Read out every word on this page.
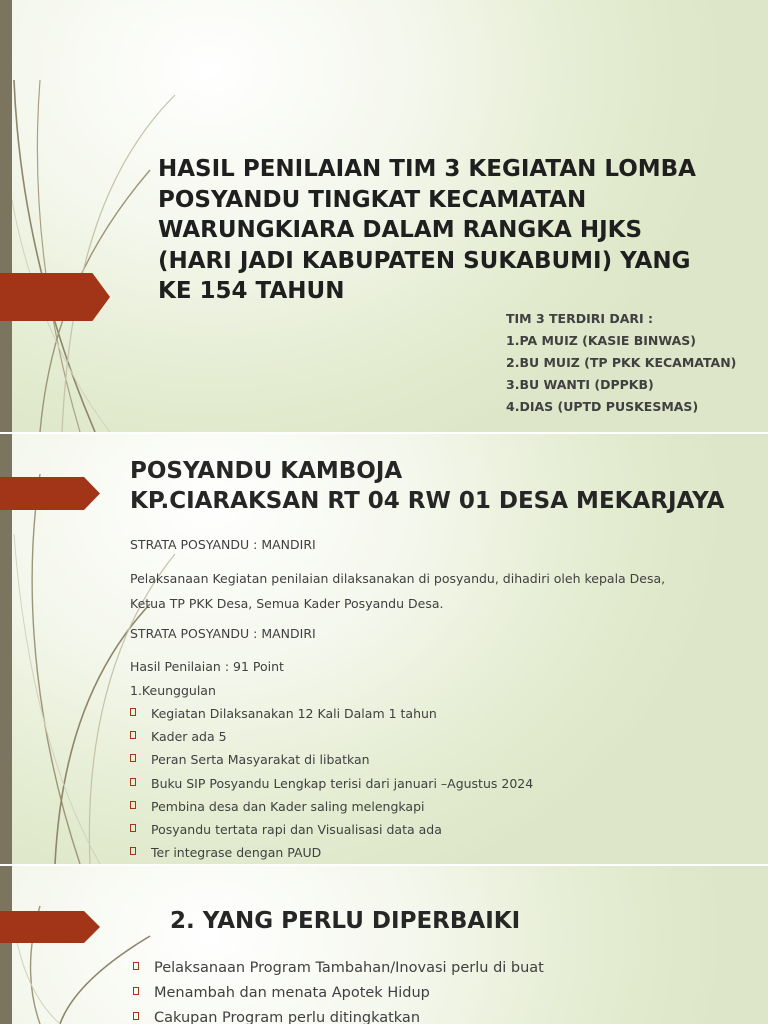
HASIL PENILAIAN TIM 3 KEGIATAN LOMBA POSYANDU TINGKAT KECAMATAN WARUNGKIARA DALAM RANGKA HJKS (HARI JADI KABUPATEN SUKABUMI) YANG KE 154 TAHUN
TIM 3 TERDIRI DARI :
1.PA MUIZ (KASIE BINWAS)
2.BU MUIZ (TP PKK KECAMATAN)
3.BU WANTI (DPPKB)
4.DIAS (UPTD PUSKESMAS)
POSYANDU KAMBOJA
KP.CIARAKSAN RT 04 RW 01 DESA MEKARJAYA

STRATA POSYANDU : MANDIRI

Pelaksanaan Kegiatan penilaian dilaksanakan di posyandu, dihadiri oleh kepala Desa,

Ketua TP PKK Desa, Semua Kader Posyandu Desa.

STRATA POSYANDU : MANDIRI

Hasil Penilaian : 91 Point

1.Keunggulan

Kegiatan Dilaksanakan 12 Kali Dalam 1 tahun
Kader ada 5
Peran Serta Masyarakat di libatkan
Buku SIP Posyandu Lengkap terisi dari januari –Agustus 2024
Pembina desa dan Kader saling melengkapi
Posyandu tertata rapi dan Visualisasi data ada
Ter integrase dengan PAUD
2. YANG PERLU DIPERBAIKI
Pelaksanaan Program Tambahan/Inovasi perlu di buat
Menambah dan menata Apotek Hidup
Cakupan Program perlu ditingkatkan
